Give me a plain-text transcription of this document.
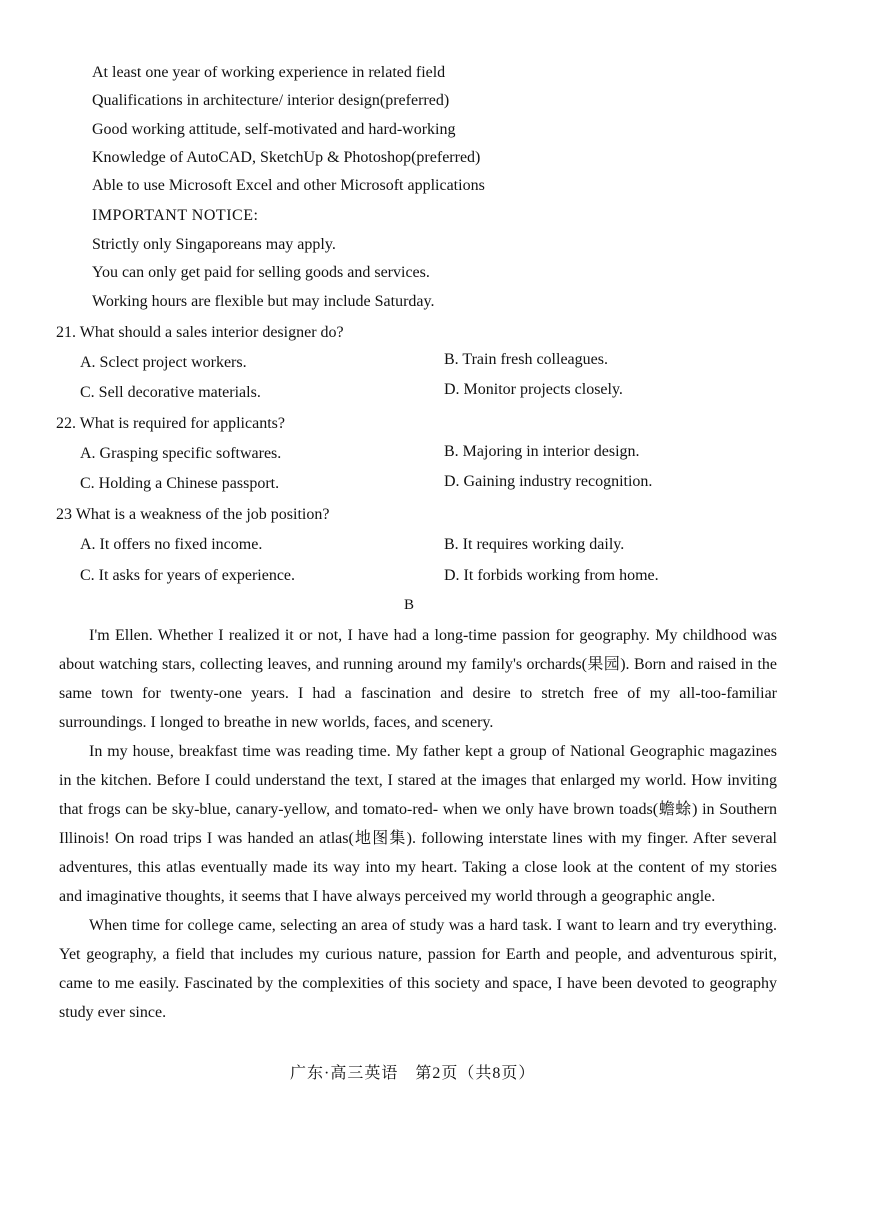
At least one year of working experience in related field
Qualifications in architecture/ interior design(preferred)
Good working attitude, self-motivated and hard-working
Knowledge of AutoCAD, SketchUp & Photoshop(preferred)
Able to use Microsoft Excel and other Microsoft applications
IMPORTANT NOTICE:
Strictly only Singaporeans may apply.
You can only get paid for selling goods and services.
Working hours are flexible but may include Saturday.
21. What should a sales interior designer do?
A. Sclect project workers.	B. Train fresh colleagues.
C. Sell decorative materials.	D. Monitor projects closely.
22. What is required for applicants?
A. Grasping specific softwares.	B. Majoring in interior design.
C. Holding a Chinese passport.	D. Gaining industry recognition.
23 What is a weakness of the job position?
A. It offers no fixed income.	B. It requires working daily.
C. It asks for years of experience.	D. It forbids working from home.
B

I'm Ellen. Whether I realized it or not, I have had a long-time passion for geography. My childhood was about watching stars, collecting leaves, and running around my family's orchards(果园). Born and raised in the same town for twenty-one years. I had a fascination and desire to stretch free of my all-too-familiar surroundings. I longed to breathe in new worlds, faces, and scenery.

In my house, breakfast time was reading time. My father kept a group of National Geographic magazines in the kitchen. Before I could understand the text, I stared at the images that enlarged my world. How inviting that frogs can be sky-blue, canary-yellow, and tomato-red- when we only have brown toads(蟾蜍) in Southern Illinois! On road trips I was handed an atlas(地图集). following interstate lines with my finger. After several adventures, this atlas eventually made its way into my heart. Taking a close look at the content of my stories and imaginative thoughts, it seems that I have always perceived my world through a geographic angle.

When time for college came, selecting an area of study was a hard task. I want to learn and try everything. Yet geography, a field that includes my curious nature, passion for Earth and people, and adventurous spirit, came to me easily. Fascinated by the complexities of this society and space, I have been devoted to geography study ever since.

广东·高三英语　第2页（共8页）
